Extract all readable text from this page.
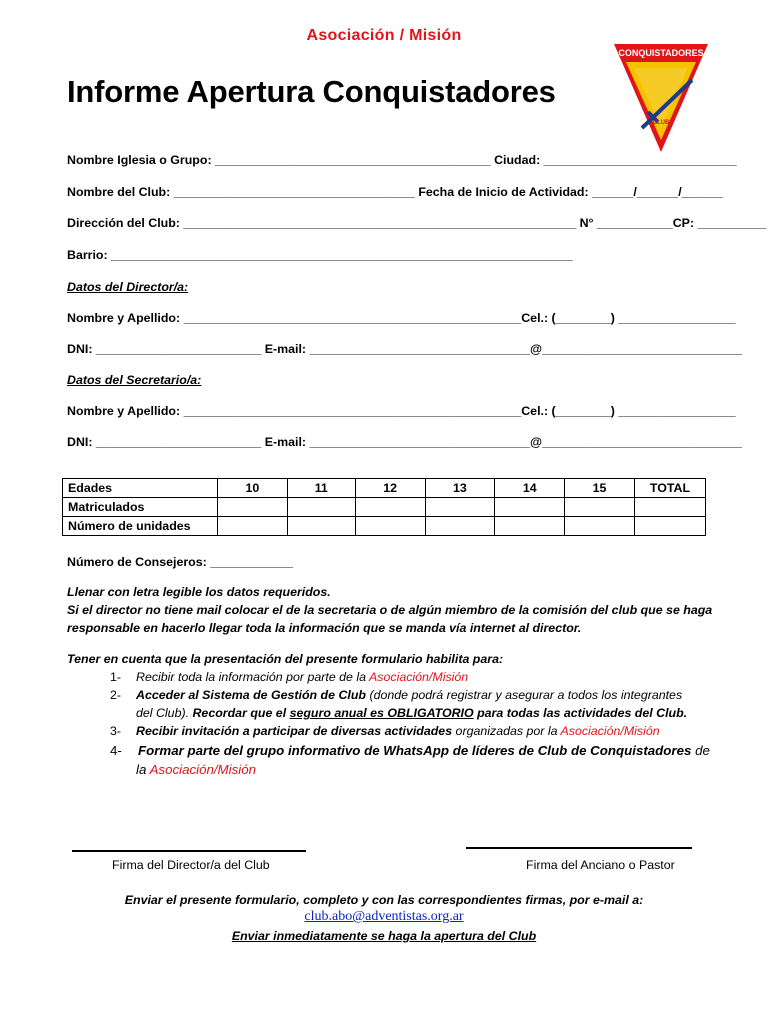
Asociación / Misión
Informe Apertura Conquistadores
CONQUISTADORES
CLUB
Nombre Iglesia o Grupo: ________________________________________ Ciudad: ____________________________
Nombre del Club: ___________________________________ Fecha de Inicio de Actividad: ______/______/______
Dirección del Club: _________________________________________________________ N° ___________CP: __________
Barrio: ___________________________________________________________________
Datos del Director/a:
Nombre y Apellido: _________________________________________________Cel.: (________) _________________
DNI: ________________________ E-mail: ________________________________@_____________________________
Datos del Secretario/a:
Nombre y Apellido: _________________________________________________Cel.: (________) _________________
DNI: ________________________ E-mail: ________________________________@_____________________________
Edades	10	11	12	13	14	15	TOTAL
Matriculados							
Número de unidades							
Número de Consejeros: ____________
Llenar con letra legible los datos requeridos.
Si el director no tiene mail colocar el de la secretaria o de algún miembro de la comisión del club que se haga
responsable en hacerlo llegar toda la información que se manda vía internet al director.
Tener en cuenta que la presentación del presente formulario habilita para:
1- Recibir toda la información por parte de la Asociación/Misión
2- Acceder al Sistema de Gestión de Club (donde podrá registrar y asegurar a todos los integrantes
del Club). Recordar que el seguro anual es OBLIGATORIO para todas las actividades del Club.
3- Recibir invitación a participar de diversas actividades organizadas por la Asociación/Misión
4- Formar parte del grupo informativo de WhatsApp de líderes de Club de Conquistadores de
la Asociación/Misión
Firma del Director/a del Club	Firma del Anciano o Pastor
Enviar el presente formulario, completo y con las correspondientes firmas, por e-mail a:
club.abo@adventistas.org.ar
Enviar inmediatamente se haga la apertura del Club
